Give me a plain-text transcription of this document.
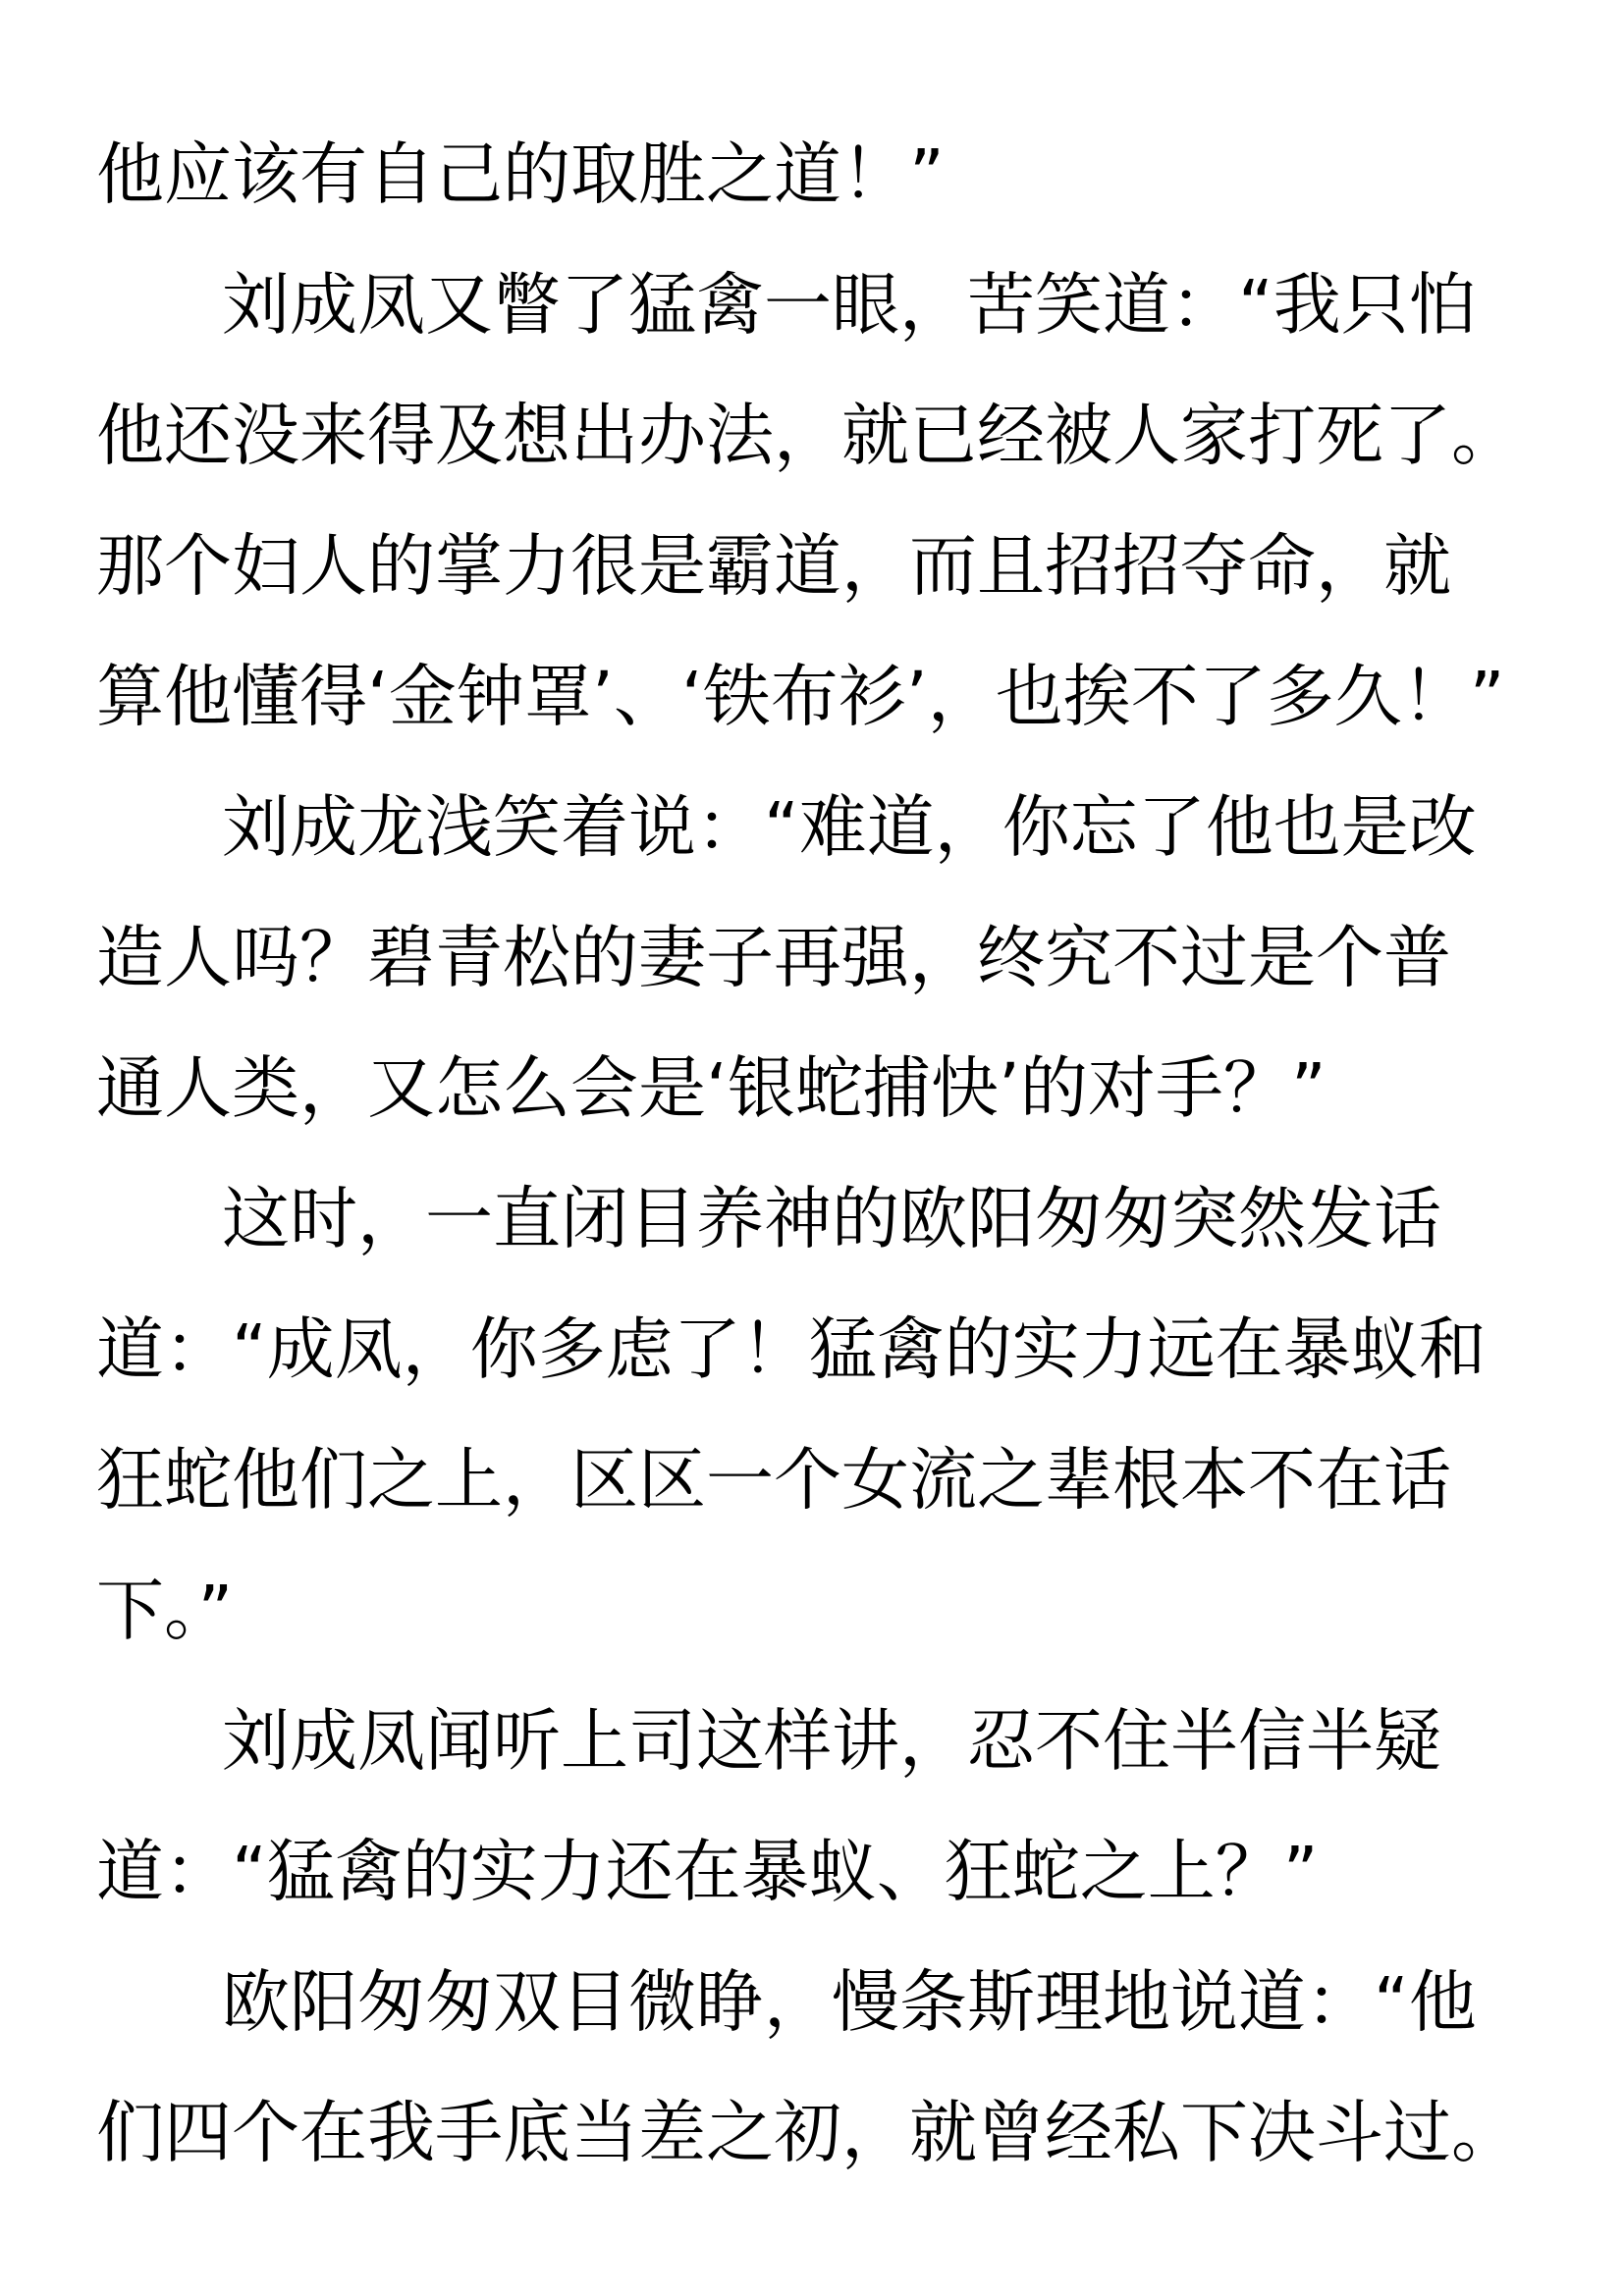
他应该有自己的取胜之道！”
刘成凤又瞥了猛禽一眼，苦笑道：“我只怕
他还没来得及想出办法，就已经被人家打死了。
那个妇人的掌力很是霸道，而且招招夺命，就
算他懂得‘金钟罩’、‘铁布衫’，也挨不了多久！”
刘成龙浅笑着说：“难道，你忘了他也是改
造人吗？碧青松的妻子再强，终究不过是个普
通人类，又怎么会是‘银蛇捕快’的对手？”
这时，一直闭目养神的欧阳匆匆突然发话
道：“成凤，你多虑了！猛禽的实力远在暴蚁和
狂蛇他们之上，区区一个女流之辈根本不在话
下。”
刘成凤闻听上司这样讲，忍不住半信半疑
道：“猛禽的实力还在暴蚁、狂蛇之上？”
欧阳匆匆双目微睁，慢条斯理地说道：“他
们四个在我手底当差之初，就曾经私下决斗过。
